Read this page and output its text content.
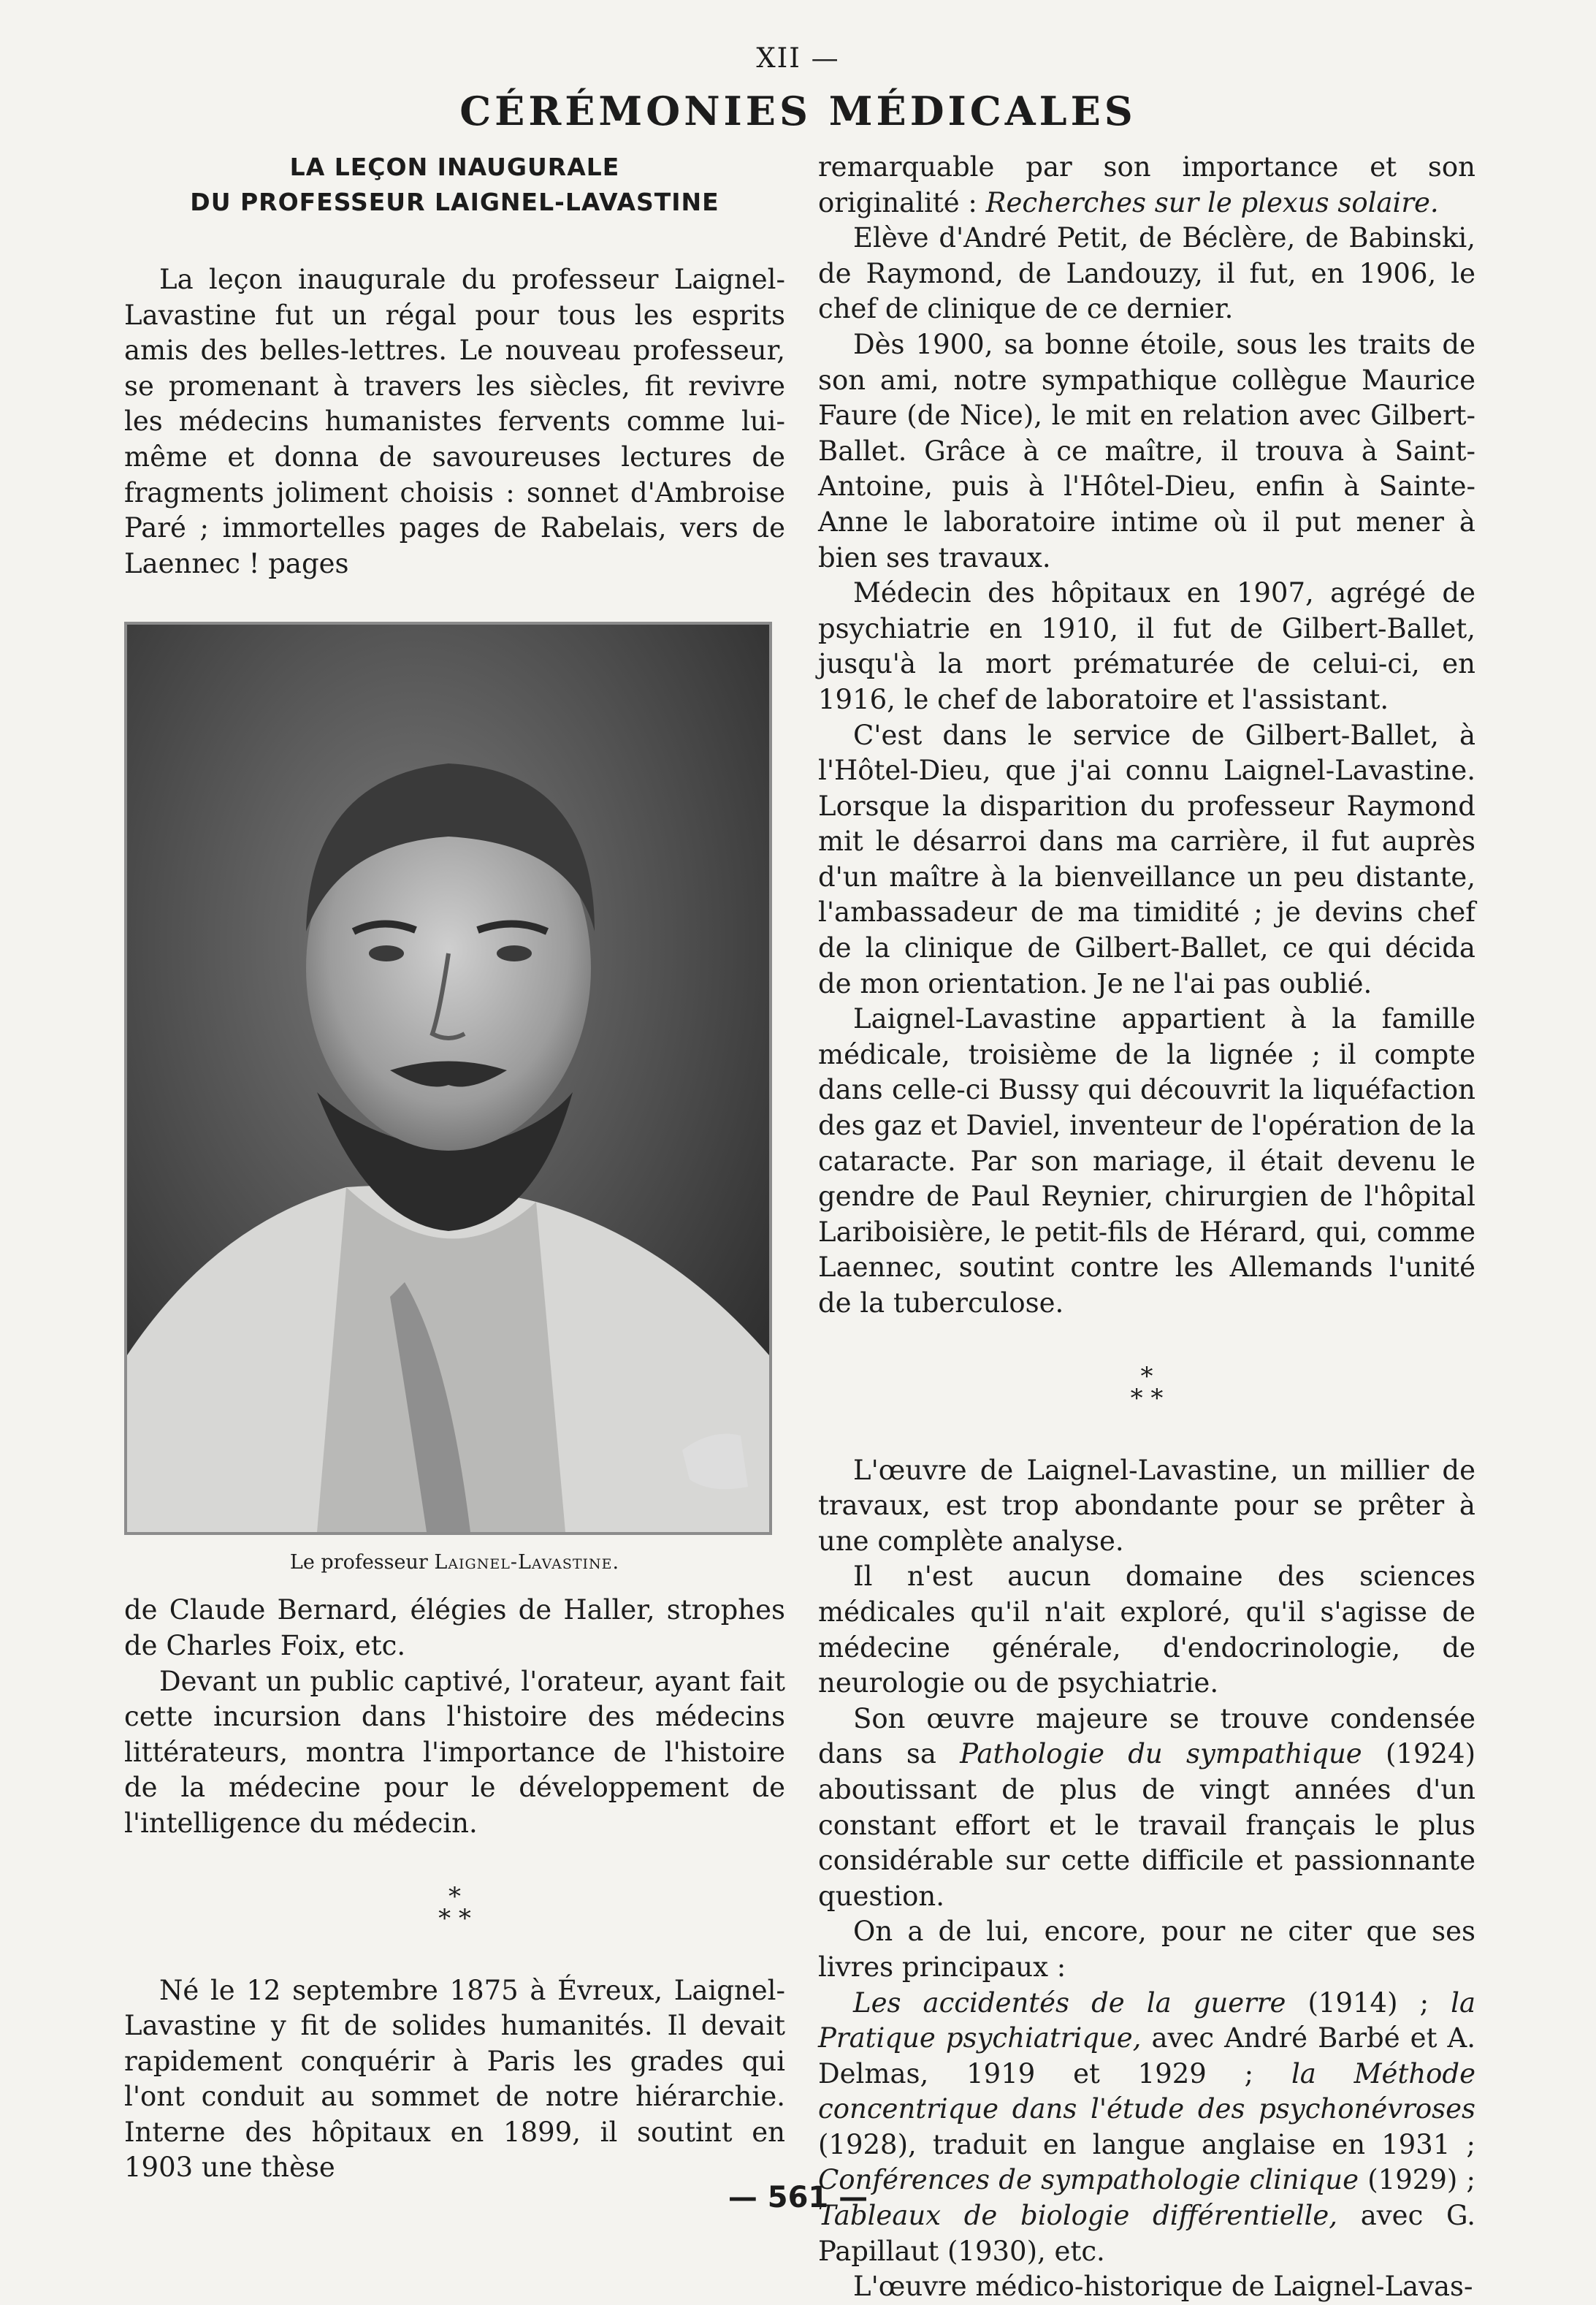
XII —
CÉRÉMONIES MÉDICALES
LA LEÇON INAUGURALE
DU PROFESSEUR LAIGNEL-LAVASTINE

La leçon inaugurale du professeur Laignel-Lavastine fut un régal pour tous les esprits amis des belles-lettres. Le nouveau professeur, se promenant à travers les siècles, fit revivre les médecins humanistes fervents comme lui-même et donna de savoureuses lectures de fragments joliment choisis : sonnet d'Ambroise Paré ; immortelles pages de Rabelais, vers de Laennec ! pages

Le professeur Laignel-Lavastine.

de Claude Bernard, élégies de Haller, strophes de Charles Foix, etc.

Devant un public captivé, l'orateur, ayant fait cette incursion dans l'histoire des médecins littérateurs, montra l'importance de l'histoire de la médecine pour le développement de l'intelligence du médecin.

*
* *

Né le 12 septembre 1875 à Évreux, Laignel-Lavastine y fit de solides humanités. Il devait rapidement conquérir à Paris les grades qui l'ont conduit au sommet de notre hiérarchie. Interne des hôpitaux en 1899, il soutint en 1903 une thèse

remarquable par son importance et son originalité : Recherches sur le plexus solaire.

Elève d'André Petit, de Béclère, de Babinski, de Raymond, de Landouzy, il fut, en 1906, le chef de clinique de ce dernier.

Dès 1900, sa bonne étoile, sous les traits de son ami, notre sympathique collègue Maurice Faure (de Nice), le mit en relation avec Gilbert-Ballet. Grâce à ce maître, il trouva à Saint-Antoine, puis à l'Hôtel-Dieu, enfin à Sainte-Anne le laboratoire intime où il put mener à bien ses travaux.

Médecin des hôpitaux en 1907, agrégé de psychiatrie en 1910, il fut de Gilbert-Ballet, jusqu'à la mort prématurée de celui-ci, en 1916, le chef de laboratoire et l'assistant.

C'est dans le service de Gilbert-Ballet, à l'Hôtel-Dieu, que j'ai connu Laignel-Lavastine. Lorsque la disparition du professeur Raymond mit le désarroi dans ma carrière, il fut auprès d'un maître à la bienveillance un peu distante, l'ambassadeur de ma timidité ; je devins chef de la clinique de Gilbert-Ballet, ce qui décida de mon orientation. Je ne l'ai pas oublié.

Laignel-Lavastine appartient à la famille médicale, troisième de la lignée ; il compte dans celle-ci Bussy qui découvrit la liquéfaction des gaz et Daviel, inventeur de l'opération de la cataracte. Par son mariage, il était devenu le gendre de Paul Reynier, chirurgien de l'hôpital Lariboisière, le petit-fils de Hérard, qui, comme Laennec, soutint contre les Allemands l'unité de la tuberculose.

*
* *

L'œuvre de Laignel-Lavastine, un millier de travaux, est trop abondante pour se prêter à une complète analyse.

Il n'est aucun domaine des sciences médicales qu'il n'ait exploré, qu'il s'agisse de médecine générale, d'endocrinologie, de neurologie ou de psychiatrie.

Son œuvre majeure se trouve condensée dans sa Pathologie du sympathique (1924) aboutissant de plus de vingt années d'un constant effort et le travail français le plus considérable sur cette difficile et passionnante question.

On a de lui, encore, pour ne citer que ses livres principaux :

Les accidentés de la guerre (1914) ; la Pratique psychiatrique, avec André Barbé et A. Delmas, 1919 et 1929 ; la Méthode concentrique dans l'étude des psychonévroses (1928), traduit en langue anglaise en 1931 ; Conférences de sympathologie clinique (1929) ; Tableaux de biologie différentielle, avec G. Papillaut (1930), etc.

L'œuvre médico-historique de Laignel-Lavas-

— 561 —
